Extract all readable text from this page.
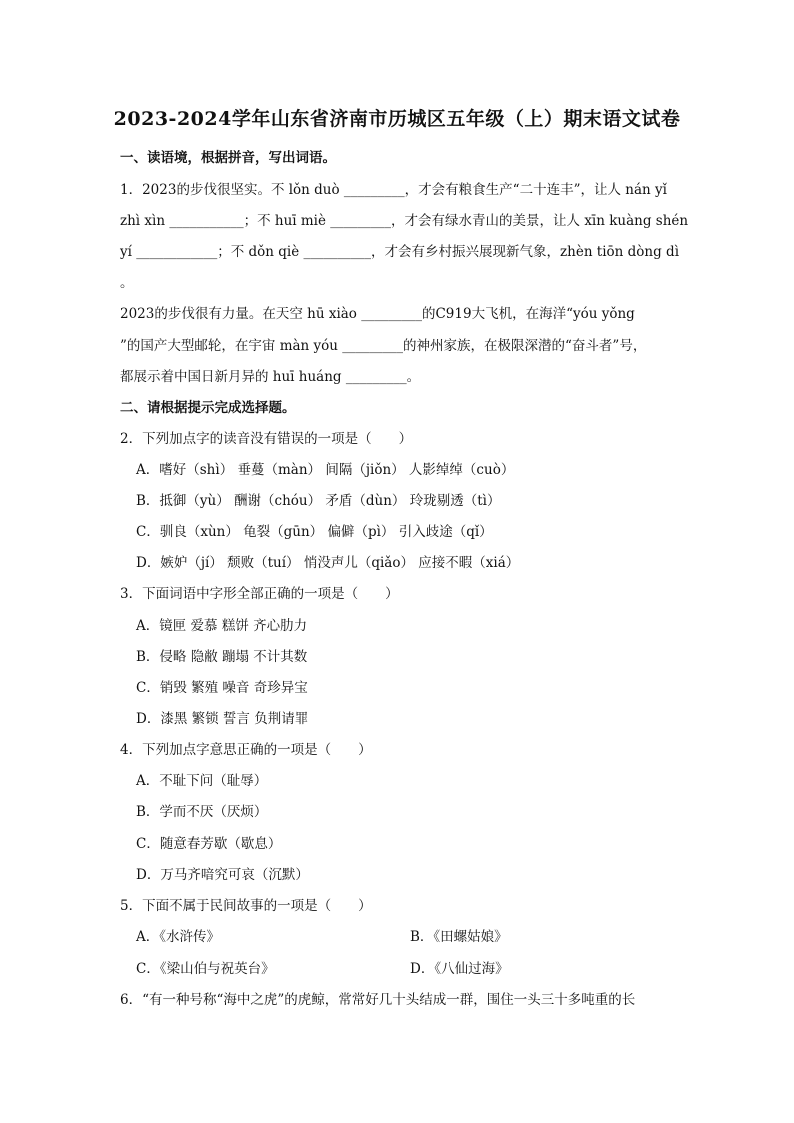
2023-2024学年山东省济南市历城区五年级（上）期末语文试卷
一、读语境，根据拼音，写出词语。
1．2023的步伐很坚实。不 lǒn duò _________，才会有粮食生产“二十连丰”，让人 nán yǐ
zhì xìn ___________；不 huī miè _________，才会有绿水青山的美景，让人 xīn kuàng shén
yí ____________；不 dǒn qiè __________，才会有乡村振兴展现新气象，zhèn tiōn dòng dì
。
2023的步伐很有力量。在天空 hū xiào _________的C919大飞机，在海洋“yóu yǒng
”的国产大型邮轮，在宇宙 màn yóu _________的神州家族，在极限深潜的“奋斗者”号，
都展示着中国日新月异的 huī huáng _________。
二、请根据提示完成选择题。
2．下列加点字的读音没有错误的一项是（　　）
A．嗜好（shì） 垂蔓（màn） 间隔（jiǒn） 人影绰绰（cuò）
B．抵御（yù） 酬谢（chóu） 矛盾（dùn） 玲珑剔透（tì）
C．驯良（xùn） 龟裂（gūn） 偏僻（pì） 引入歧途（qǐ）
D．嫉妒（jí） 颓败（tuí） 悄没声儿（qiǎo） 应接不暇（xiá）
3．下面词语中字形全部正确的一项是（　　）
A．镜匣 爱慕 糕饼 齐心肋力
B．侵略 隐敝 蹦塌 不计其数
C．销毁 繁殖 噪音 奇珍异宝
D．漆黑 繁锁 誓言 负荆请罪
4．下列加点字意思正确的一项是（　　）
A．不耻下问（耻辱）
B．学而不厌（厌烦）
C．随意春芳歇（歇息）
D．万马齐喑究可哀（沉默）
5．下面不属于民间故事的一项是（　　）
A．《水浒传》	B．《田螺姑娘》
C．《梁山伯与祝英台》	D．《八仙过海》
6．“有一种号称“海中之虎”的虎鲸，常常好几十头结成一群，围住一头三十多吨重的长
